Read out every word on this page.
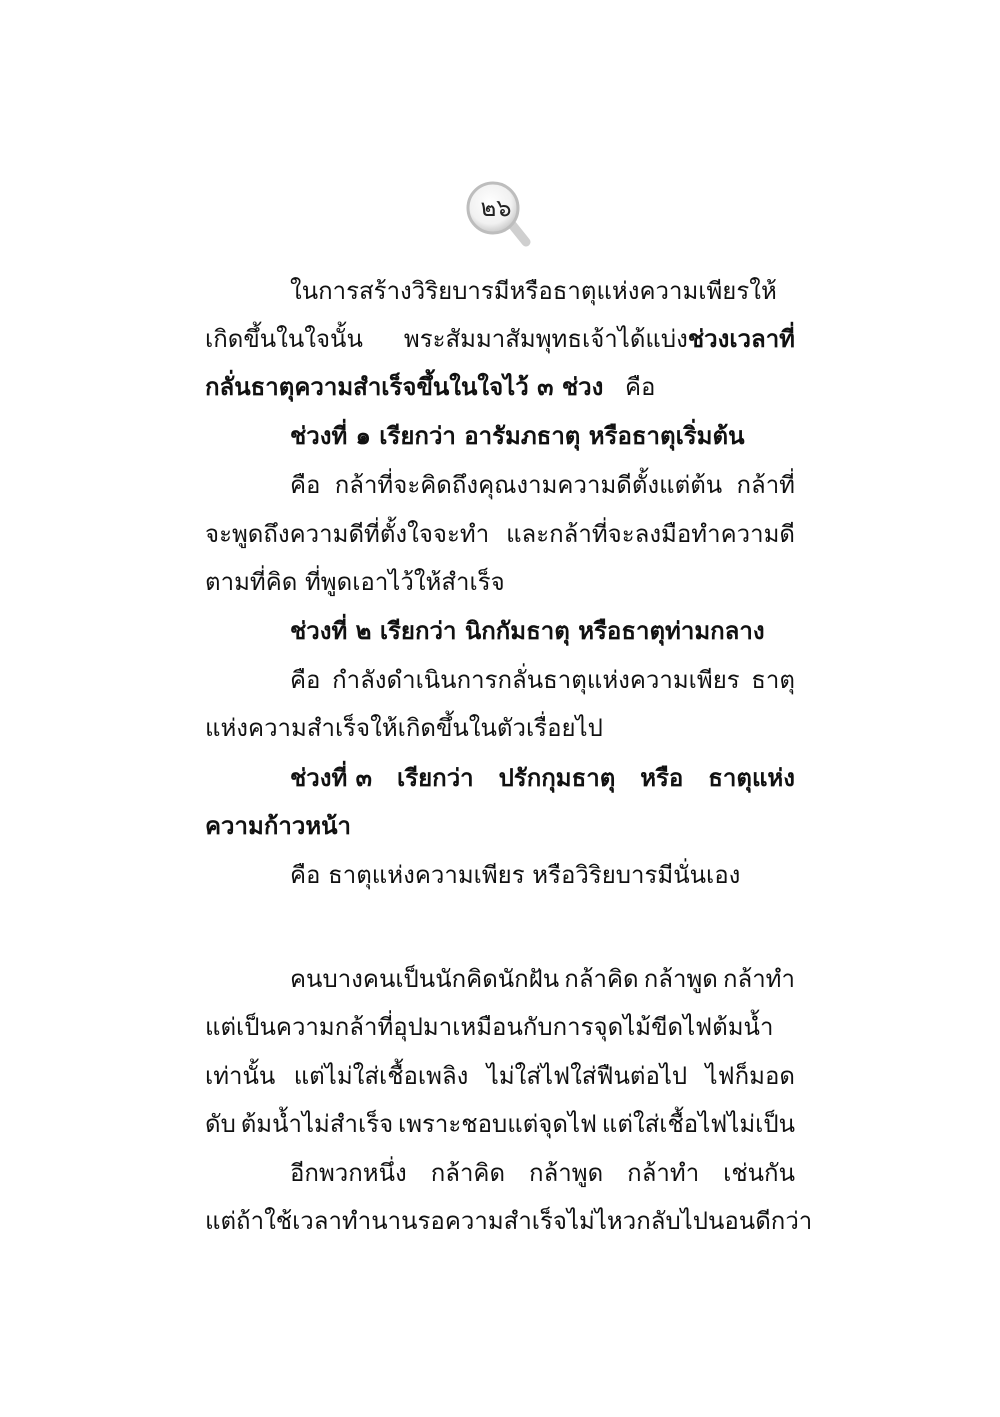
๒๖
ในการสร้างวิริยบารมีหรือธาตุแห่งความเพียรให้
เกิดขึ้นในใจนั้น พระสัมมาสัมพุทธเจ้าได้แบ่งช่วงเวลาที่
กลั่นธาตุความสำเร็จขึ้นในใจไว้ ๓ ช่วง คือ
ช่วงที่ ๑ เรียกว่า อารัมภธาตุ หรือธาตุเริ่มต้น
คือ กล้าที่จะคิดถึงคุณงามความดีตั้งแต่ต้น กล้าที่
จะพูดถึงความดีที่ตั้งใจจะทำ และกล้าที่จะลงมือทำความดี
ตามที่คิด ที่พูดเอาไว้ให้สำเร็จ
ช่วงที่ ๒ เรียกว่า นิกกัมธาตุ หรือธาตุท่ามกลาง
คือ กำลังดำเนินการกลั่นธาตุแห่งความเพียร ธาตุ
แห่งความสำเร็จให้เกิดขึ้นในตัวเรื่อยไป
ช่วงที่ ๓ เรียกว่า ปรักกุมธาตุ หรือ ธาตุแห่ง
ความก้าวหน้า
คือ ธาตุแห่งความเพียร หรือวิริยบารมีนั่นเอง
คนบางคนเป็นนักคิดนักฝัน กล้าคิด กล้าพูด กล้าทำ
แต่เป็นความกล้าที่อุปมาเหมือนกับการจุดไม้ขีดไฟต้มน้ำ
เท่านั้น แต่ไม่ใส่เชื้อเพลิง ไม่ใส่ไฟใส่ฟืนต่อไป ไฟก็มอด
ดับ ต้มน้ำไม่สำเร็จ เพราะชอบแต่จุดไฟ แต่ใส่เชื้อไฟไม่เป็น
อีกพวกหนึ่ง กล้าคิด กล้าพูด กล้าทำ เช่นกัน
แต่ถ้าใช้เวลาทำนาน รอความสำเร็จไม่ไหว กลับไปนอนดีกว่า
